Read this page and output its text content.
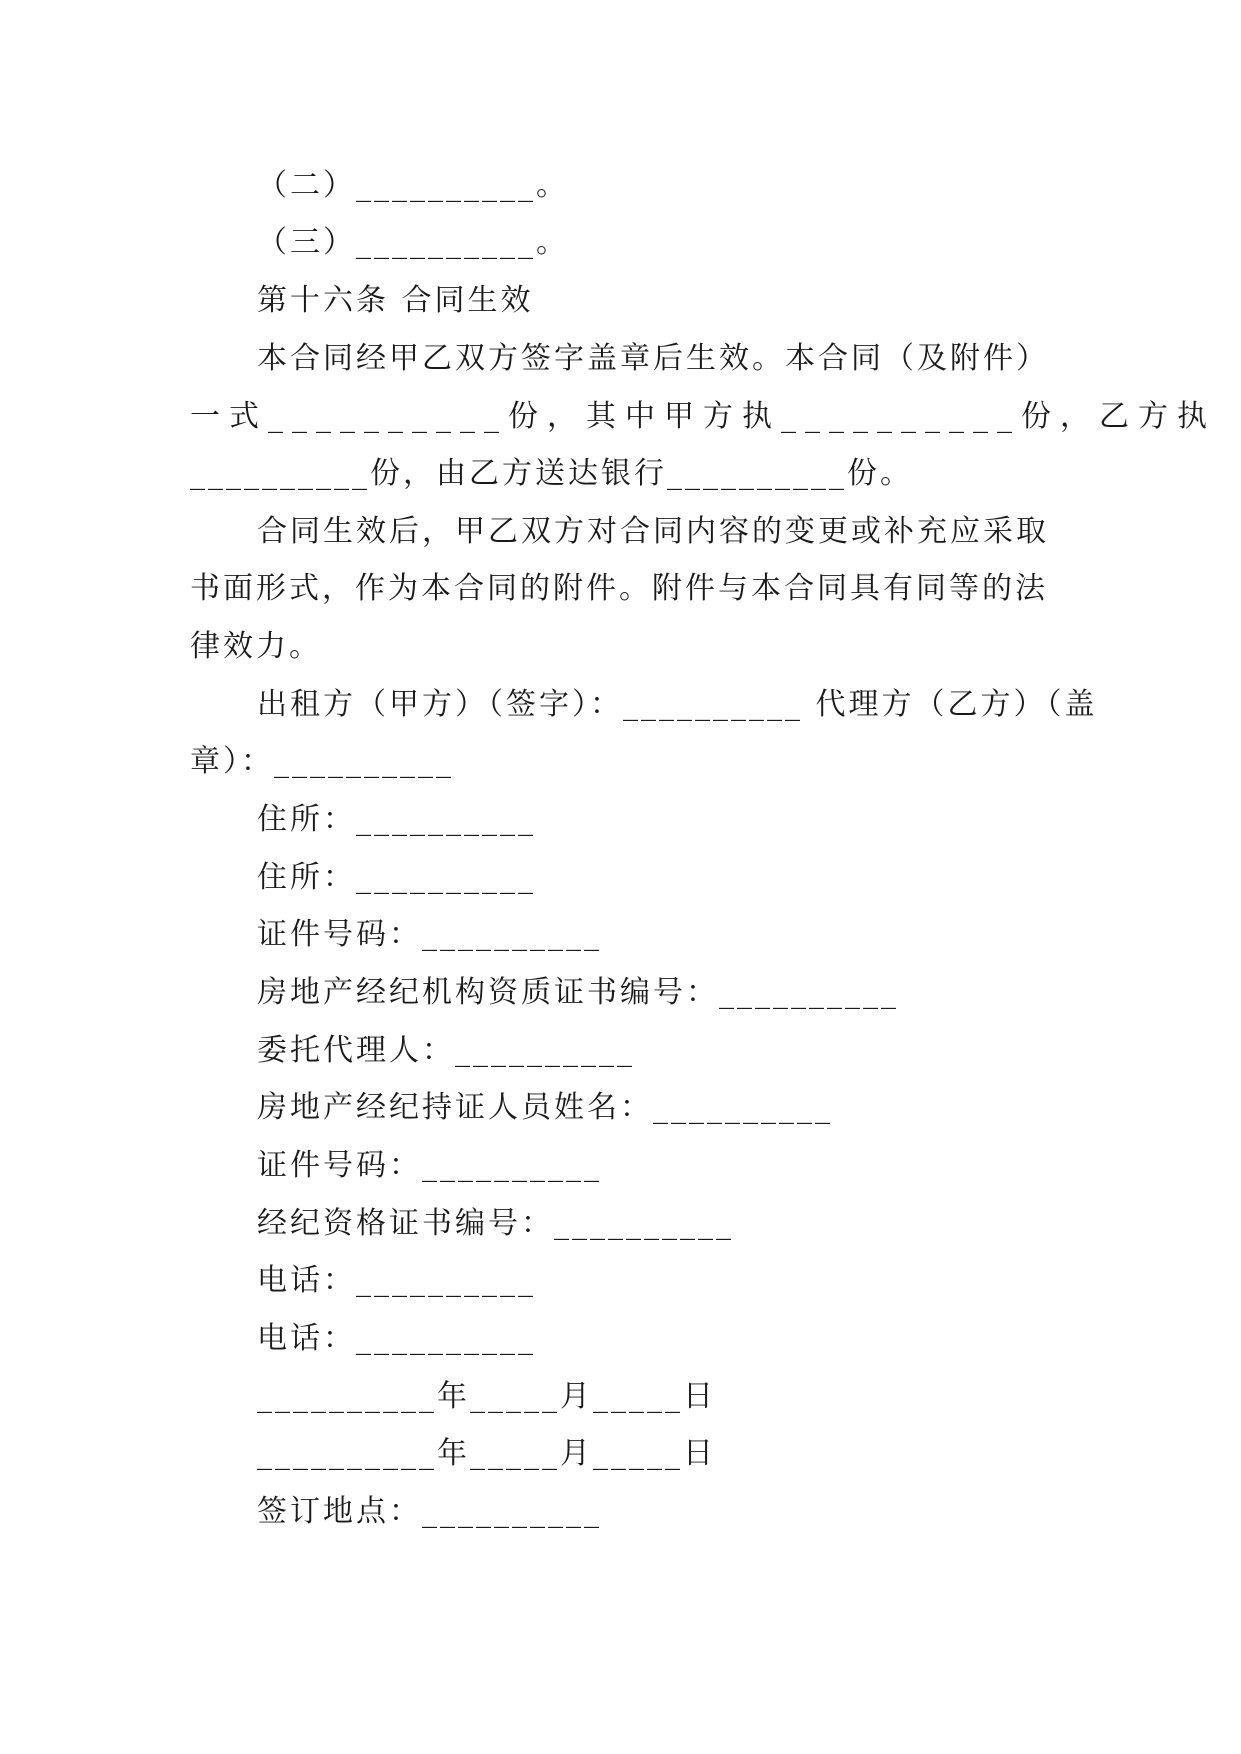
（二）__________。
（三）__________。
第十六条 合同生效
本合同经甲乙双方签字盖章后生效。本合同（及附件）
一式__________份，其中甲方执__________份，乙方执
__________份，由乙方送达银行__________份。
合同生效后，甲乙双方对合同内容的变更或补充应采取
书面形式，作为本合同的附件。附件与本合同具有同等的法
律效力。
出租方（甲方）（签字）：__________ 代理方（乙方）（盖
章）：__________
住所：__________
住所：__________
证件号码：__________
房地产经纪机构资质证书编号：__________
委托代理人：__________
房地产经纪持证人员姓名：__________
证件号码：__________
经纪资格证书编号：__________
电话：__________
电话：__________
__________年_____月_____日
__________年_____月_____日
签订地点：__________
